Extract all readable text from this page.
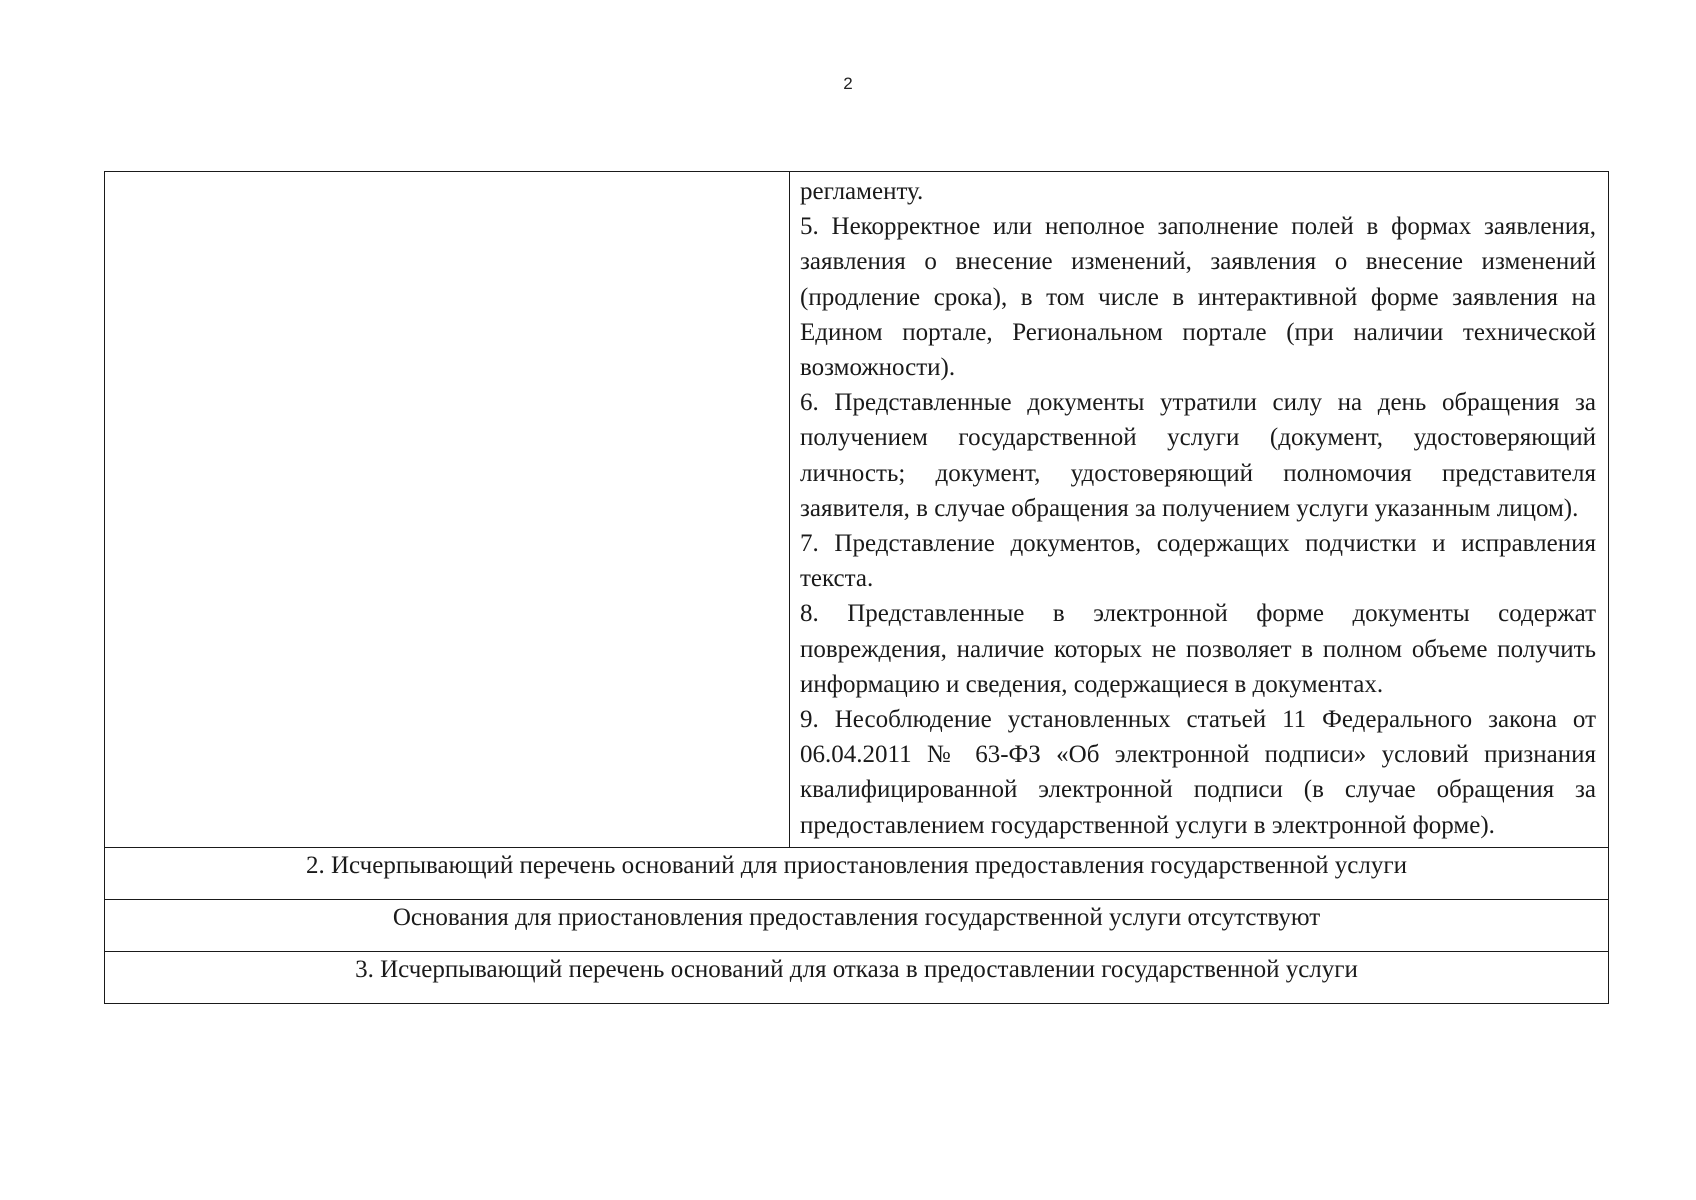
2

регламенту.

5. Некорректное или неполное заполнение полей в формах заявления, заявления о внесение изменений, заявления о внесение изменений (продление срока), в том числе в интерактивной форме заявления на Едином портале, Региональном портале (при наличии технической возможности).

6. Представленные документы утратили силу на день обращения за получением государственной услуги (документ, удостоверяющий личность; документ, удостоверяющий полномочия представителя заявителя, в случае обращения за получением услуги указанным лицом).

7. Представление документов, содержащих подчистки и исправления текста.

8. Представленные в электронной форме документы содержат повреждения, наличие которых не позволяет в полном объеме получить информацию и сведения, содержащиеся в документах.

9. Несоблюдение установленных статьей 11 Федерального закона от 06.04.2011 № 63-ФЗ «Об электронной подписи» условий признания квалифицированной электронной подписи (в случае обращения за предоставлением государственной услуги в электронной форме).

2. Исчерпывающий перечень оснований для приостановления предоставления государственной услуги

Основания для приостановления предоставления государственной услуги отсутствуют

3. Исчерпывающий перечень оснований для отказа в предоставлении государственной услуги
